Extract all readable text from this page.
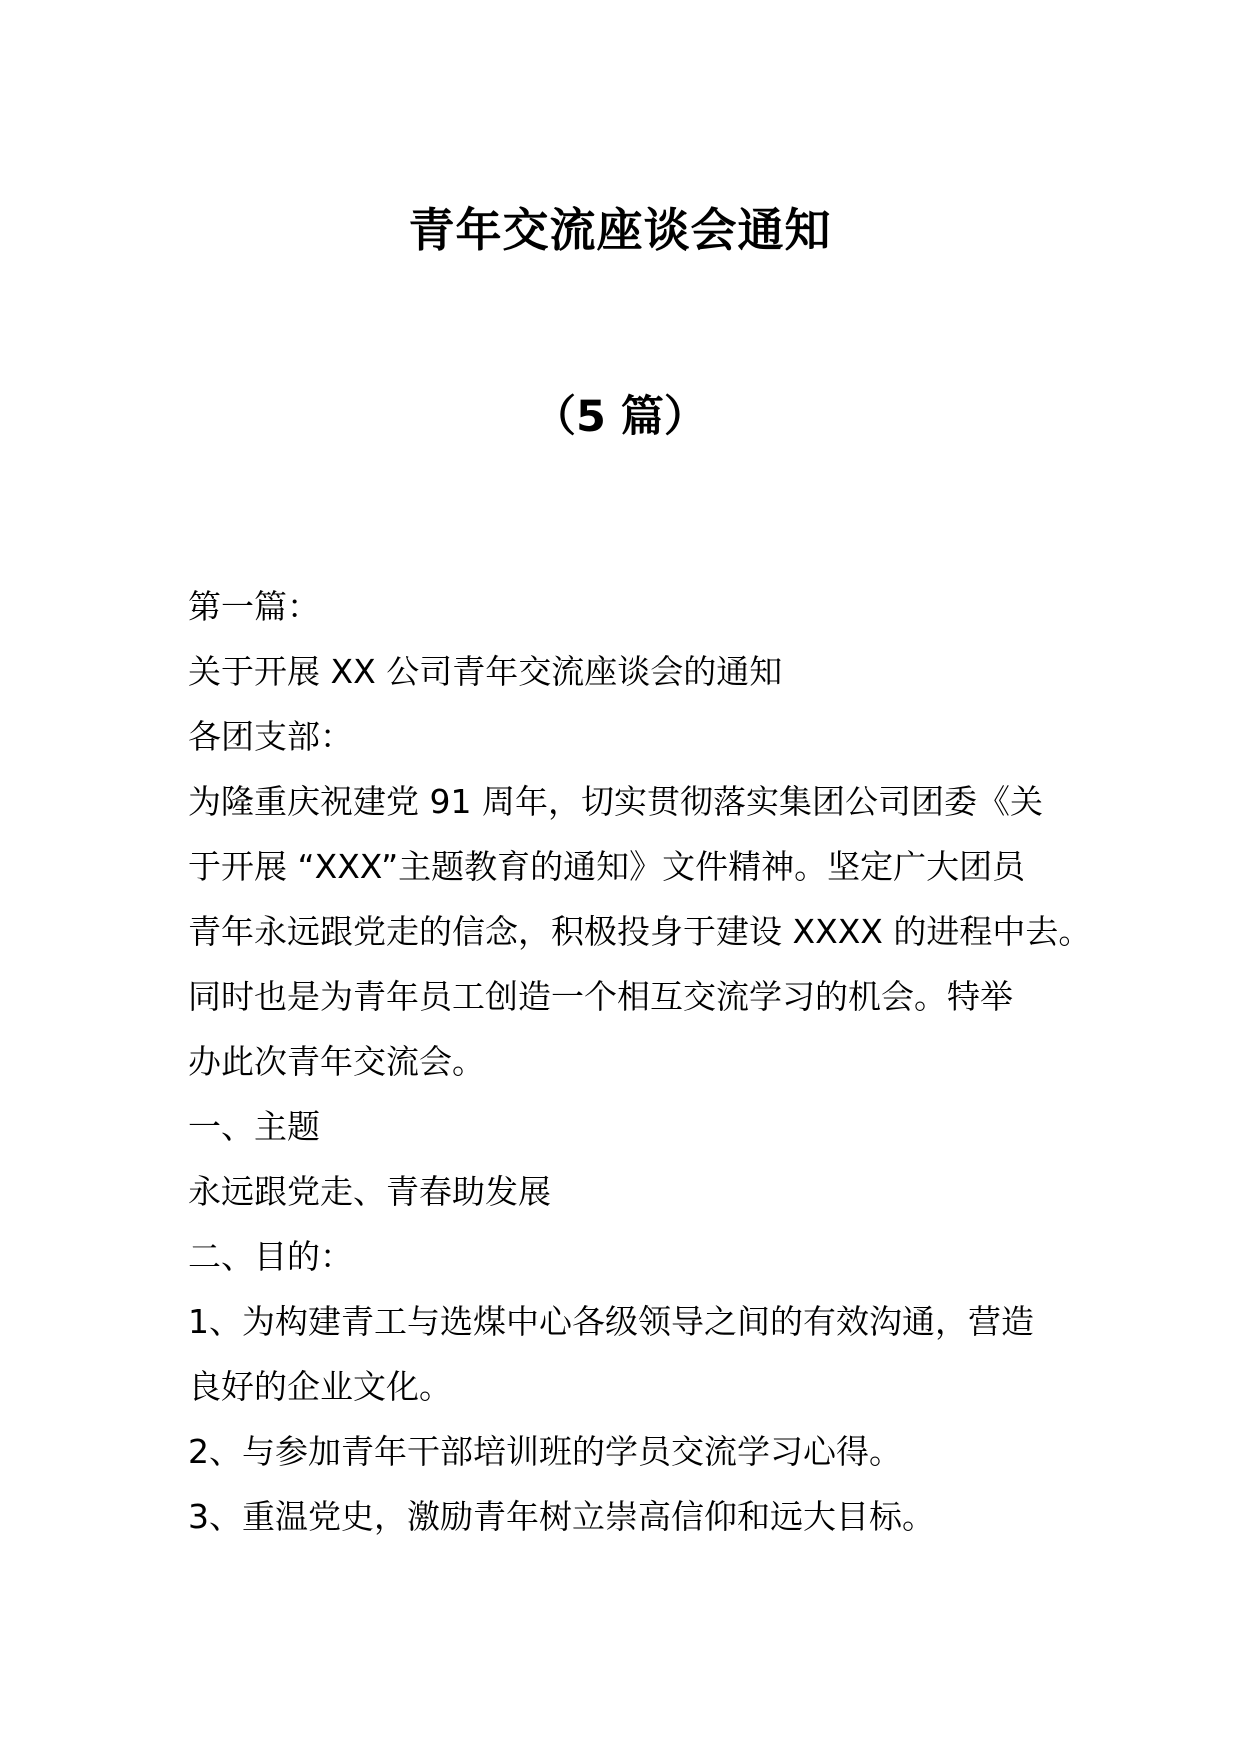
青年交流座谈会通知
（5 篇）

第一篇：

关于开展 XX 公司青年交流座谈会的通知

各团支部：

为隆重庆祝建党 91 周年，切实贯彻落实集团公司团委《关

于开展 “XXX”主题教育的通知》文件精神。坚定广大团员

青年永远跟党走的信念，积极投身于建设 XXXX 的进程中去。

同时也是为青年员工创造一个相互交流学习的机会。特举

办此次青年交流会。

一、主题

永远跟党走、青春助发展

二、目的：

1、为构建青工与选煤中心各级领导之间的有效沟通，营造

良好的企业文化。

2、与参加青年干部培训班的学员交流学习心得。

3、重温党史，激励青年树立崇高信仰和远大目标。
